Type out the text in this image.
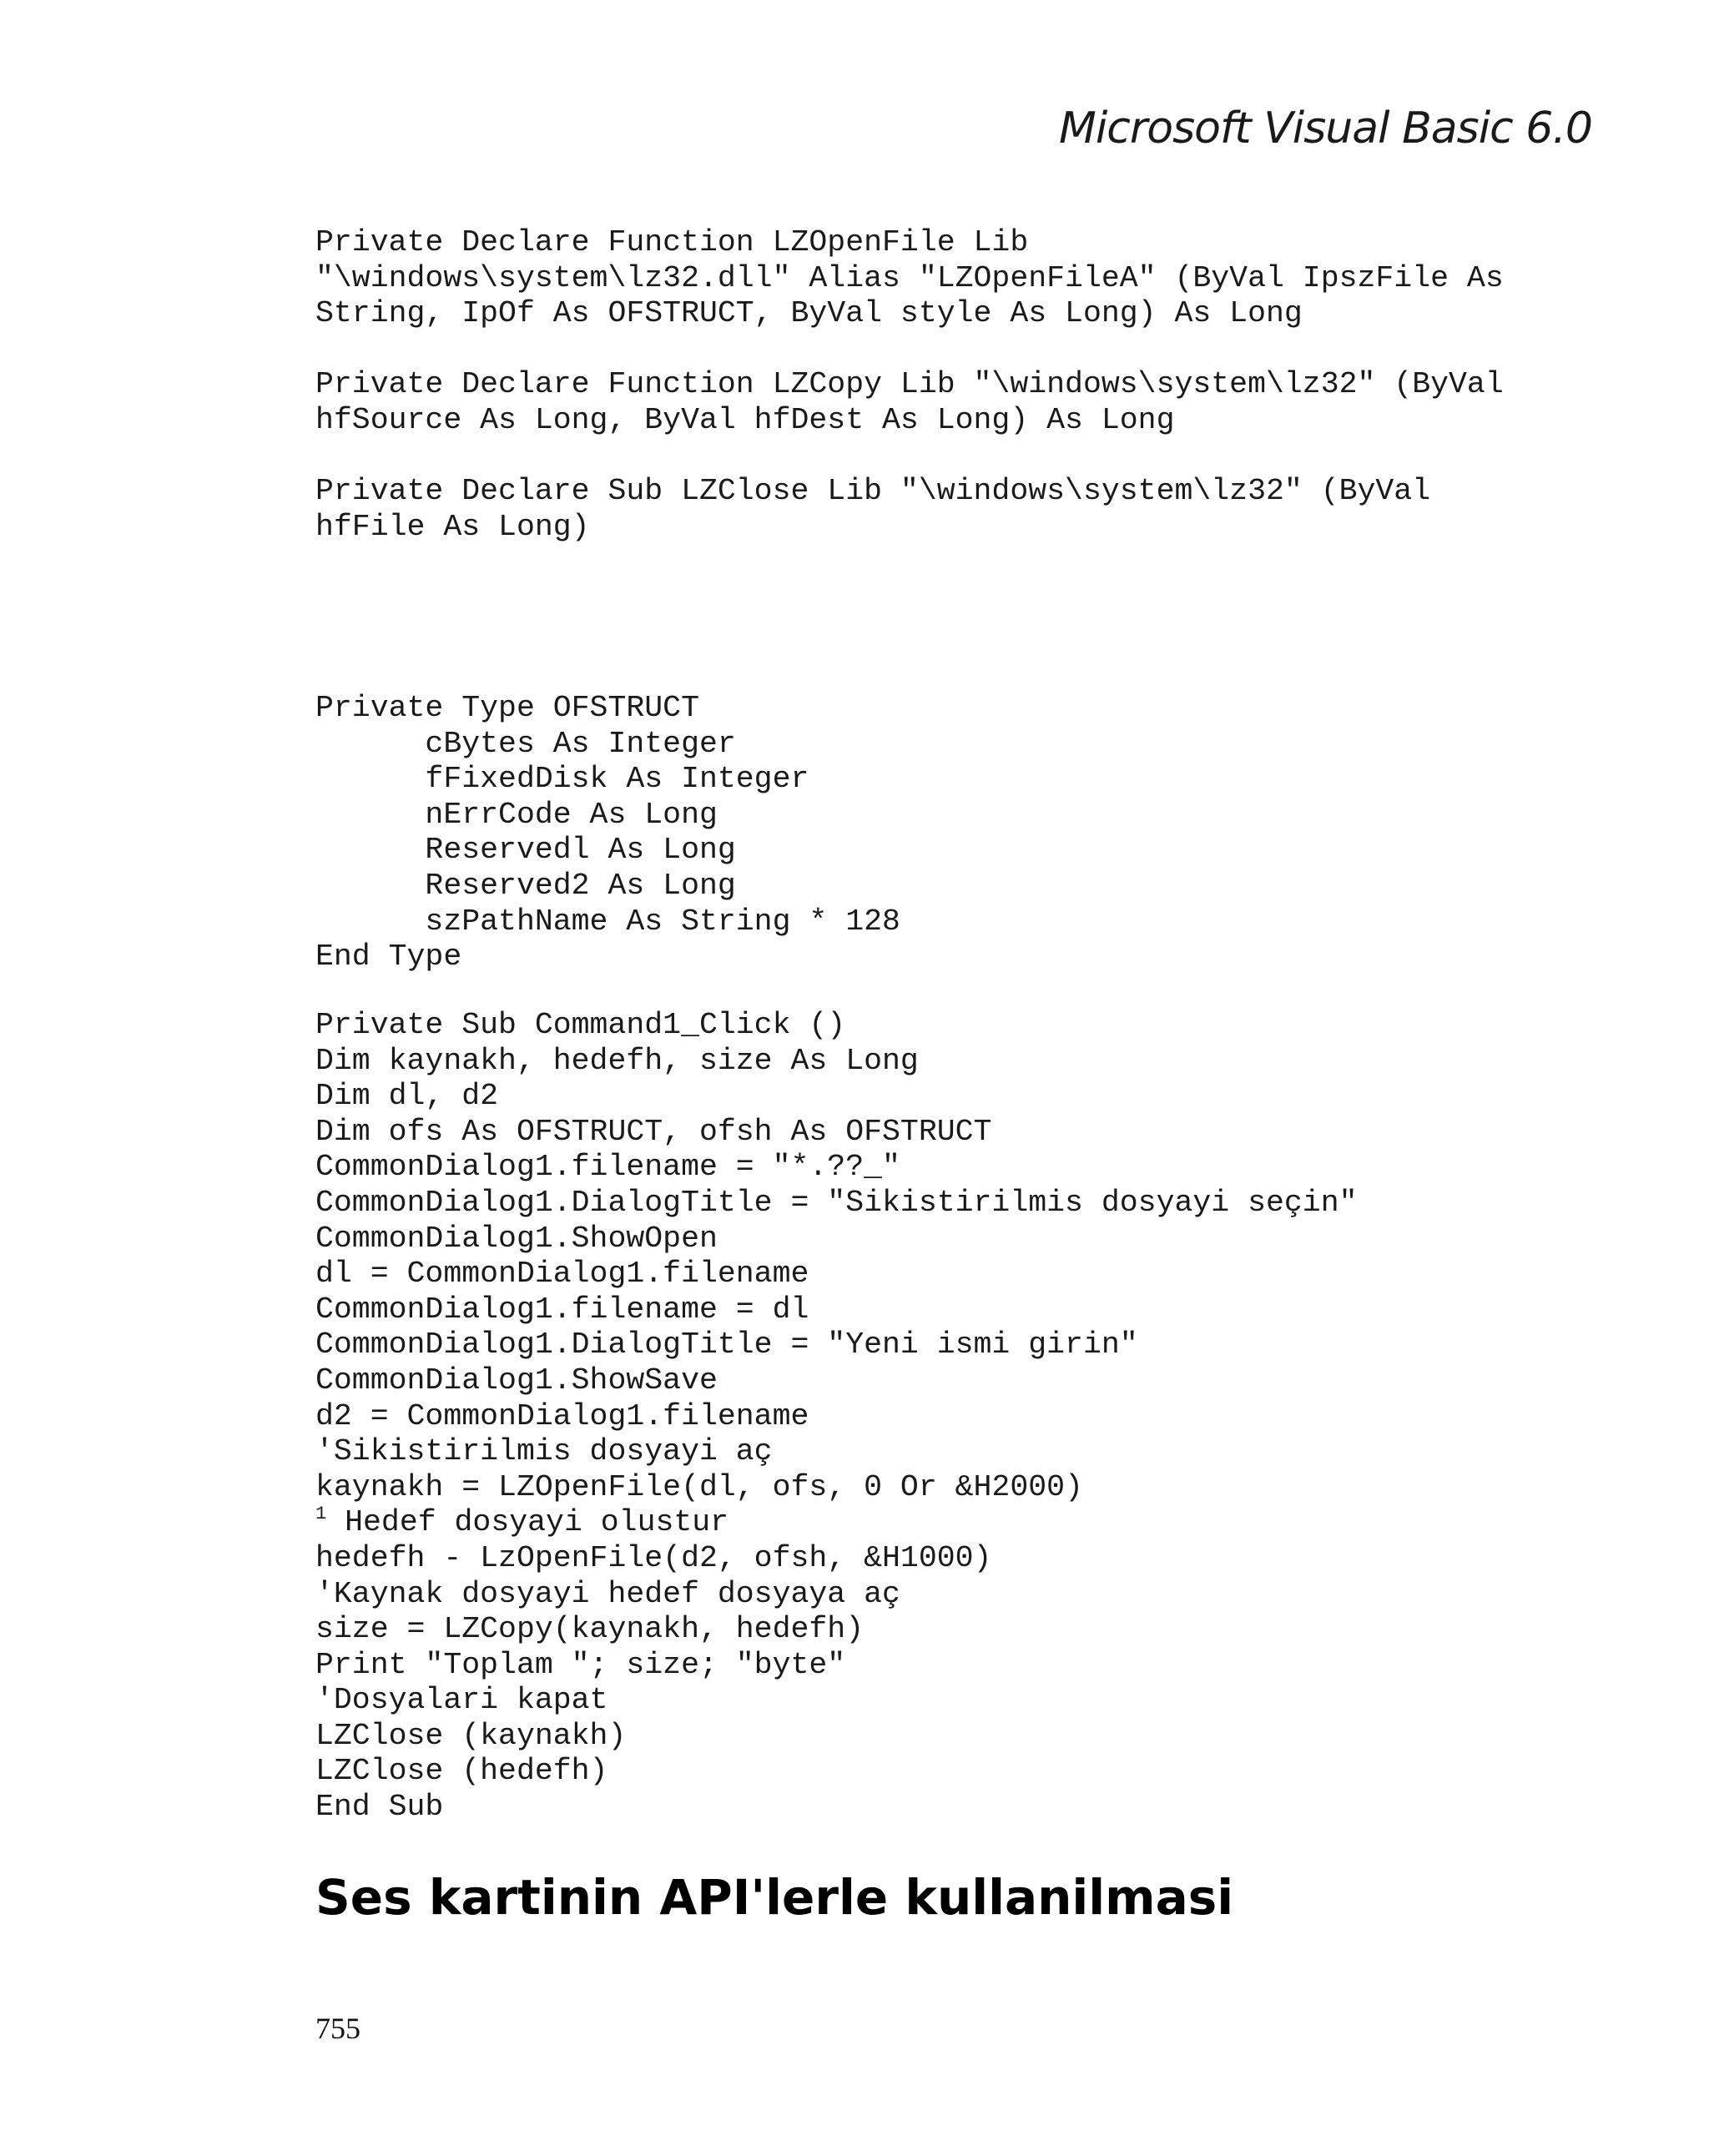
Microsoft Visual Basic 6.0
Private Declare Function LZOpenFile Lib
"\windows\system\lz32.dll" Alias "LZOpenFileA" (ByVal IpszFile As
String, IpOf As OFSTRUCT, ByVal style As Long) As Long
Private Declare Function LZCopy Lib "\windows\system\lz32" (ByVal
hfSource As Long, ByVal hfDest As Long) As Long
Private Declare Sub LZClose Lib "\windows\system\lz32" (ByVal
hfFile As Long)
Private Type OFSTRUCT
cBytes As Integer
fFixedDisk As Integer
nErrCode As Long
Reservedl As Long
Reserved2 As Long
szPathName As String * 128
End Type
Private Sub Command1_Click ()
Dim kaynakh, hedefh, size As Long
Dim dl, d2
Dim ofs As OFSTRUCT, ofsh As OFSTRUCT
CommonDialog1.filename = "*.??_"
CommonDialog1.DialogTitle = "Sikistirilmis dosyayi seçin"
CommonDialog1.ShowOpen
dl = CommonDialog1.filename
CommonDialog1.filename = dl
CommonDialog1.DialogTitle = "Yeni ismi girin"
CommonDialog1.ShowSave
d2 = CommonDialog1.filename
'Sikistirilmis dosyayi aç
kaynakh = LZOpenFile(dl, ofs, 0 Or &H2000)
$^1$ Hedef dosyayi olustur
hedefh - LzOpenFile(d2, ofsh, &H1000)
'Kaynak dosyayi hedef dosyaya aç
size = LZCopy(kaynakh, hedefh)
Print "Toplam "; size; "byte"
'Dosyalari kapat
LZClose (kaynakh)
LZClose (hedefh)
End Sub
Ses kartinin API'lerle kullanilmasi
755
